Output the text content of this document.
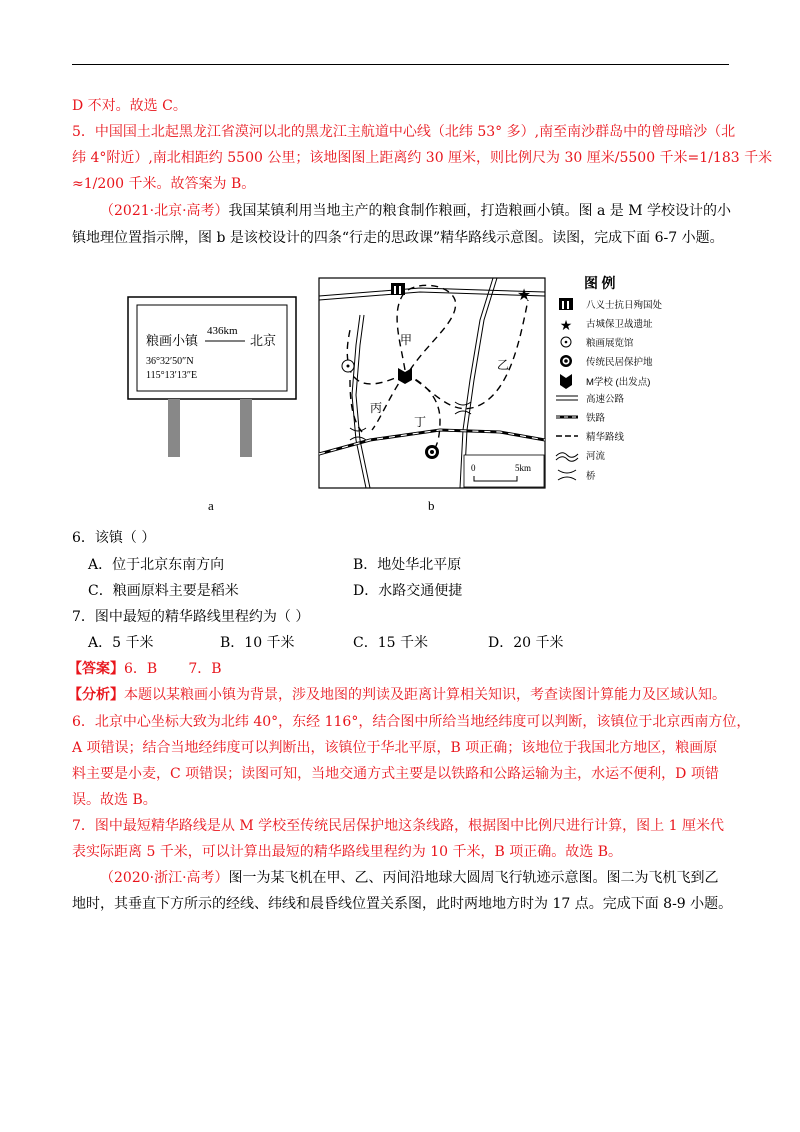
D 不对。故选 C。
5．中国国土北起黑龙江省漠河以北的黑龙江主航道中心线（北纬 53° 多）,南至南沙群岛中的曾母暗沙（北
纬 4°附近）,南北相距约 5500 公里；该地图图上距离约 30 厘米，则比例尺为 30 厘米/5500 千米=1/183 千米
≈1/200 千米。故答案为 B。
（2021·北京·高考）我国某镇利用当地主产的粮食制作粮画，打造粮画小镇。图 a 是 M 学校设计的小
镇地理位置指示牌，图 b 是该校设计的四条“行走的思政课”精华路线示意图。读图，完成下面 6-7 小题。
粮画小镇
436km
北京
36°32′50″N
115°13′13″E
a
★
甲
乙
丙
丁
0	5km
b
图 例
★
八义士抗日殉国处
古城保卫战遗址
粮画展览馆
传统民居保护地
M学校 (出发点)
高速公路
铁路
精华路线
河流
桥
6．该镇（ ）
A．位于北京东南方向	B．地处华北平原
C．粮画原料主要是稻米	D．水路交通便捷
7．图中最短的精华路线里程约为（ ）
A．5 千米	B．10 千米	C．15 千米	D．20 千米
【答案】6．B       7．B
【分析】本题以某粮画小镇为背景，涉及地图的判读及距离计算相关知识，考查读图计算能力及区域认知。
6．北京中心坐标大致为北纬 40°，东经 116°，结合图中所给当地经纬度可以判断，该镇位于北京西南方位，
A 项错误；结合当地经纬度可以判断出，该镇位于华北平原，B 项正确；该地位于我国北方地区，粮画原
料主要是小麦，C 项错误；读图可知，当地交通方式主要是以铁路和公路运输为主，水运不便利，D 项错
误。故选 B。
7．图中最短精华路线是从 M 学校至传统民居保护地这条线路，根据图中比例尺进行计算，图上 1 厘米代
表实际距离 5 千米，可以计算出最短的精华路线里程约为 10 千米，B 项正确。故选 B。
（2020·浙江·高考）图一为某飞机在甲、乙、丙间沿地球大圆周飞行轨迹示意图。图二为飞机飞到乙
地时，其垂直下方所示的经线、纬线和晨昏线位置关系图，此时两地地方时为 17 点。完成下面 8-9 小题。
